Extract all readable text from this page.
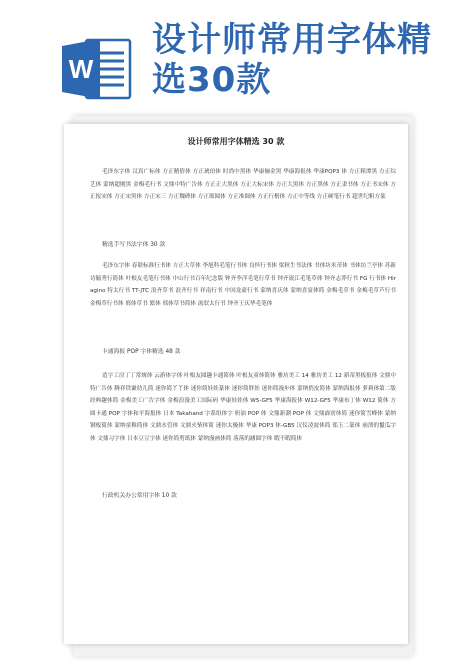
W
设计师常用字体精选30款
设计师常用字体精选 30 款
毛泽东字体 汉真广标体 方正精倩体 方正琥珀体 时尚中黑体 华康俪金黑 华康海报体 华康POP3 体 方正粗谭黑 方正综艺体 蒙纳超刚黑 金梅毛行书 文鼎中特广告体 方正正大黑体 方正大标宋体 方正大黑体 方正黑体 方正隶书体 方正书宋体 方正报宋体 方正宋黑体 方正宋三 方正魏碑体 方正细圆体 方正准圆体 方正行楷体 方正中等线 方正硬笔行书 超世纪粗方篆
精选手写书法字体 30 款
毛泽东字体 春联标准行书体 方正大草体 李旭科毛笔行书体 良怀行书体 梁秋生书法体 书体坊米芾体 书体坊兰亭体 苏新诗毓秀行简体 叶根友毛笔行书体 中山行书百年纪念版 钟齐李洋毛笔行草书 钟齐流江毛笔草体 钟齐志莽行书 FG 行书体 Hiragino 特太行书 TT-JTC 浪齐草书 浪齐行书 祥南行书 中国龙豪行书 蒙纳喜庆体 蒙纳喜宴体简 金梅毛草书 金梅毛草芦行书 金梅草行书体 邢体草书 繁体 邢体草书简体 流氓太行书 钟齐王庆华毛笔体
卡通海报 POP 字体精选 48 款
造字工房丁丁常规体 云游体字体 叶根友圆趣卡通简体 叶根友童体简体 雅坊美工 14 雅坊美工 12 新蒂黑板报体 文鼎中特广告体 腾祥铁谦幼儿简 迷你简丫丫体 迷你简娃娃篆体 迷你简胖娃 迷你简漫步体 蒙纳俏皮简体 蒙纳海报体 萝莉体第二版 经典趣体简 金梅美工广告字体 金梅浪漫美工国际码 华康娃娃体 W5-GF5 华康海报体 W12-GF5 华康布丁体 W12 简体 方圆卡通 POP 字体和平海报体 日本 Takahand 字系组体字 奶油 POP 体 文鼎新潮 POP 体 文鼎霹雳体简 迷你简雪峰体 蒙纳钢板简体 蒙纳童稚简体 文鼎水管体 文鼎火柴体简 迷你太极体 华康 POP3 体-GB5 汉仪凌波体简 郑玉二篆体 崩溃的鬣瓜字体 文鼎习字体 日本豆豆字体 迷你简剪纸体 蒙纳漫画体简 落落的涵圆字体 暇不暇简体
行政机关办公常用字体 10 款
